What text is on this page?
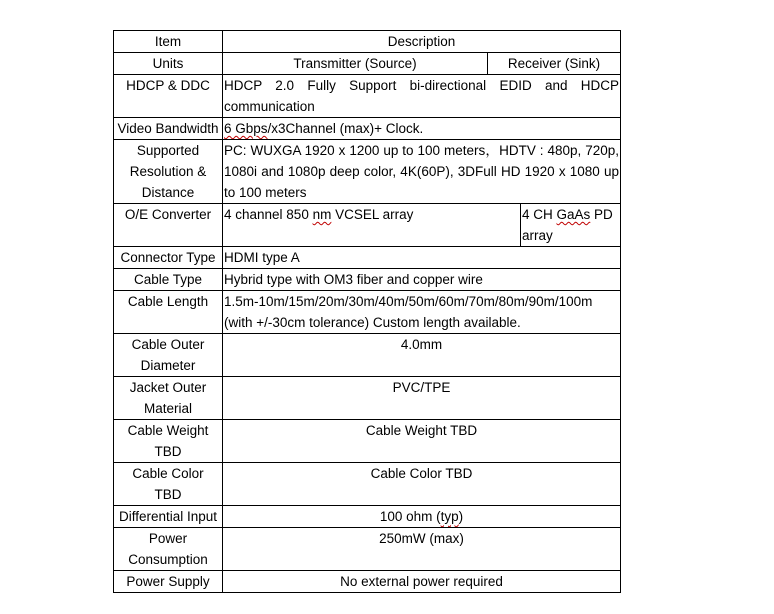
Item	Description		
Units	Transmitter (Source)	Receiver (Sink)	
HDCP & DDC	HDCP 2.0 Fully Support bi-directional EDID and HDCP communication		
Video Bandwidth	6 Gbps/x3Channel (max)+ Clock.		
Supported Resolution & Distance	PC: WUXGA 1920 x 1200 up to 100 meters，HDTV : 480p, 720p, 1080i and 1080p deep color, 4K(60P), 3DFull HD 1920 x 1080 up to 100 meters		
O/E Converter	4 channel 850 nm VCSEL array		4 CH GaAs PD array
Connector Type	HDMI type A		
Cable Type	Hybrid type with OM3 fiber and copper wire		
Cable Length	1.5m-10m/15m/20m/30m/40m/50m/60m/70m/80m/90m/100m (with +/-30cm tolerance) Custom length available.		
Cable Outer Diameter	4.0mm		
Jacket Outer Material	PVC/TPE		
Cable Weight TBD	Cable Weight TBD		
Cable Color TBD	Cable Color TBD		
Differential Input	100 ohm (typ)		
Power Consumption	250mW (max)		
Power Supply	No external power required		
